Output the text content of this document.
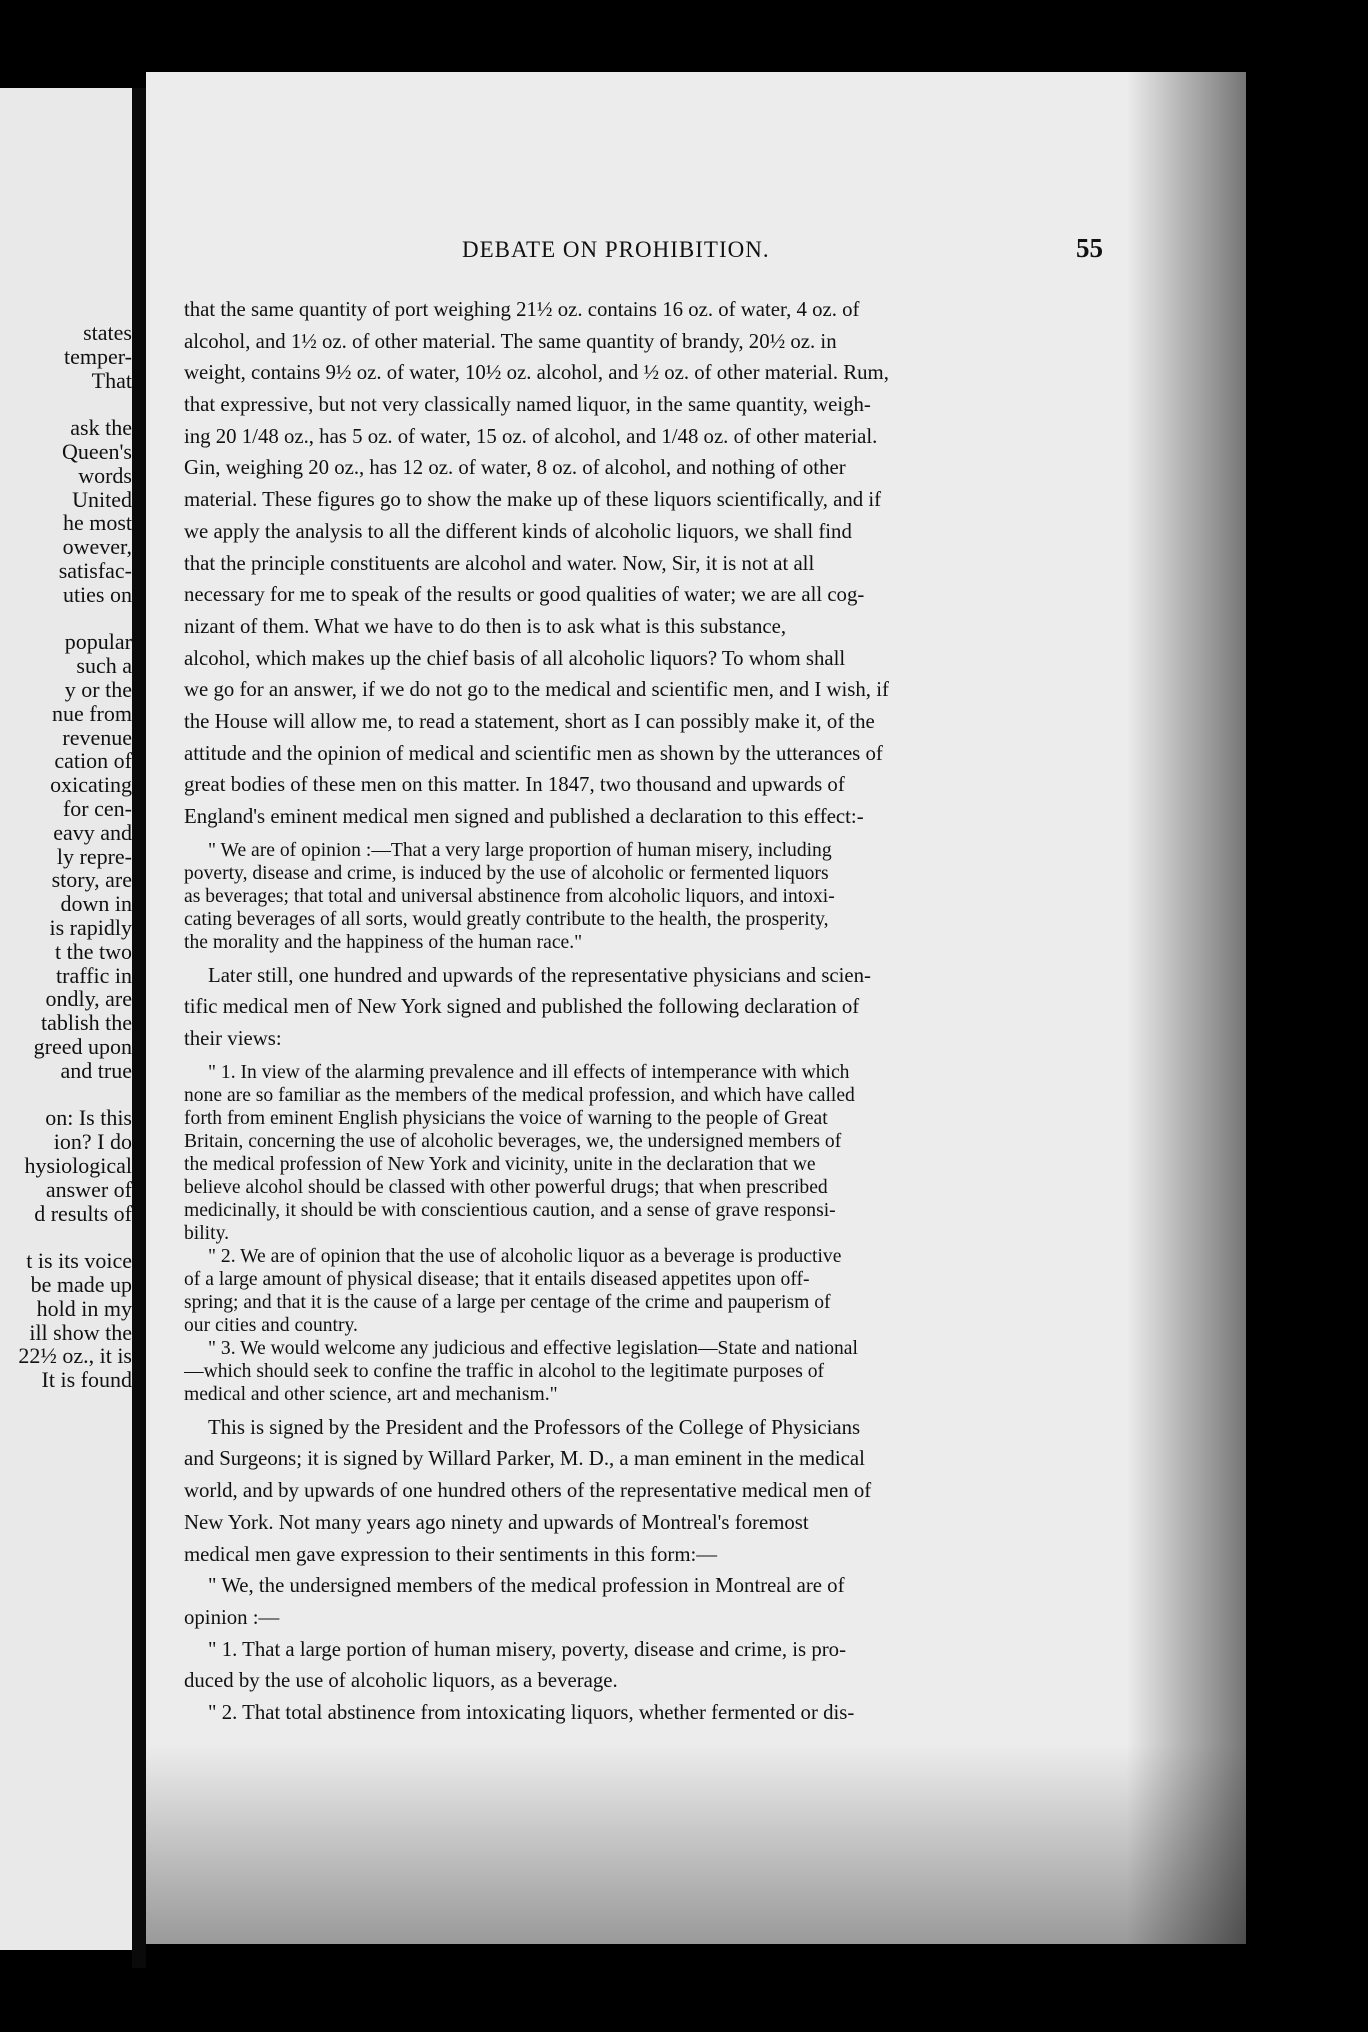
states
temper-
That
ask the
Queen's
words
United
he most
owever,
satisfac-
uties on
popular
such a
y or the
nue from
revenue
cation of
oxicating
for cen-
eavy and
ly repre-
story, are
down in
is rapidly
t the two
traffic in
ondly, are
tablish the
greed upon
and true
on: Is this
ion? I do
hysiological
answer of
d results of
t is its voice
be made up
hold in my
ill show the
22½ oz., it is
It is found
DEBATE ON PROHIBITION.	55
that the same quantity of port weighing 21½ oz. contains 16 oz. of water, 4 oz. of
alcohol, and 1½ oz. of other material. The same quantity of brandy, 20½ oz. in
weight, contains 9½ oz. of water, 10½ oz. alcohol, and ½ oz. of other material. Rum,
that expressive, but not very classically named liquor, in the same quantity, weigh-
ing 20 1/48 oz., has 5 oz. of water, 15 oz. of alcohol, and 1/48 oz. of other material.
Gin, weighing 20 oz., has 12 oz. of water, 8 oz. of alcohol, and nothing of other
material. These figures go to show the make up of these liquors scientifically, and if
we apply the analysis to all the different kinds of alcoholic liquors, we shall find
that the principle constituents are alcohol and water. Now, Sir, it is not at all
necessary for me to speak of the results or good qualities of water; we are all cog-
nizant of them. What we have to do then is to ask what is this substance,
alcohol, which makes up the chief basis of all alcoholic liquors? To whom shall
we go for an answer, if we do not go to the medical and scientific men, and I wish, if
the House will allow me, to read a statement, short as I can possibly make it, of the
attitude and the opinion of medical and scientific men as shown by the utterances of
great bodies of these men on this matter. In 1847, two thousand and upwards of
England's eminent medical men signed and published a declaration to this effect:-
" We are of opinion :—That a very large proportion of human misery, including
poverty, disease and crime, is induced by the use of alcoholic or fermented liquors
as beverages; that total and universal abstinence from alcoholic liquors, and intoxi-
cating beverages of all sorts, would greatly contribute to the health, the prosperity,
the morality and the happiness of the human race."
Later still, one hundred and upwards of the representative physicians and scien-
tific medical men of New York signed and published the following declaration of
their views:
" 1. In view of the alarming prevalence and ill effects of intemperance with which
none are so familiar as the members of the medical profession, and which have called
forth from eminent English physicians the voice of warning to the people of Great
Britain, concerning the use of alcoholic beverages, we, the undersigned members of
the medical profession of New York and vicinity, unite in the declaration that we
believe alcohol should be classed with other powerful drugs; that when prescribed
medicinally, it should be with conscientious caution, and a sense of grave responsi-
bility.
" 2. We are of opinion that the use of alcoholic liquor as a beverage is productive
of a large amount of physical disease; that it entails diseased appetites upon off-
spring; and that it is the cause of a large per centage of the crime and pauperism of
our cities and country.
" 3. We would welcome any judicious and effective legislation—State and national
—which should seek to confine the traffic in alcohol to the legitimate purposes of
medical and other science, art and mechanism."
This is signed by the President and the Professors of the College of Physicians
and Surgeons; it is signed by Willard Parker, M. D., a man eminent in the medical
world, and by upwards of one hundred others of the representative medical men of
New York. Not many years ago ninety and upwards of Montreal's foremost
medical men gave expression to their sentiments in this form:—
" We, the undersigned members of the medical profession in Montreal are of
opinion :—
" 1. That a large portion of human misery, poverty, disease and crime, is pro-
duced by the use of alcoholic liquors, as a beverage.
" 2. That total abstinence from intoxicating liquors, whether fermented or dis-
